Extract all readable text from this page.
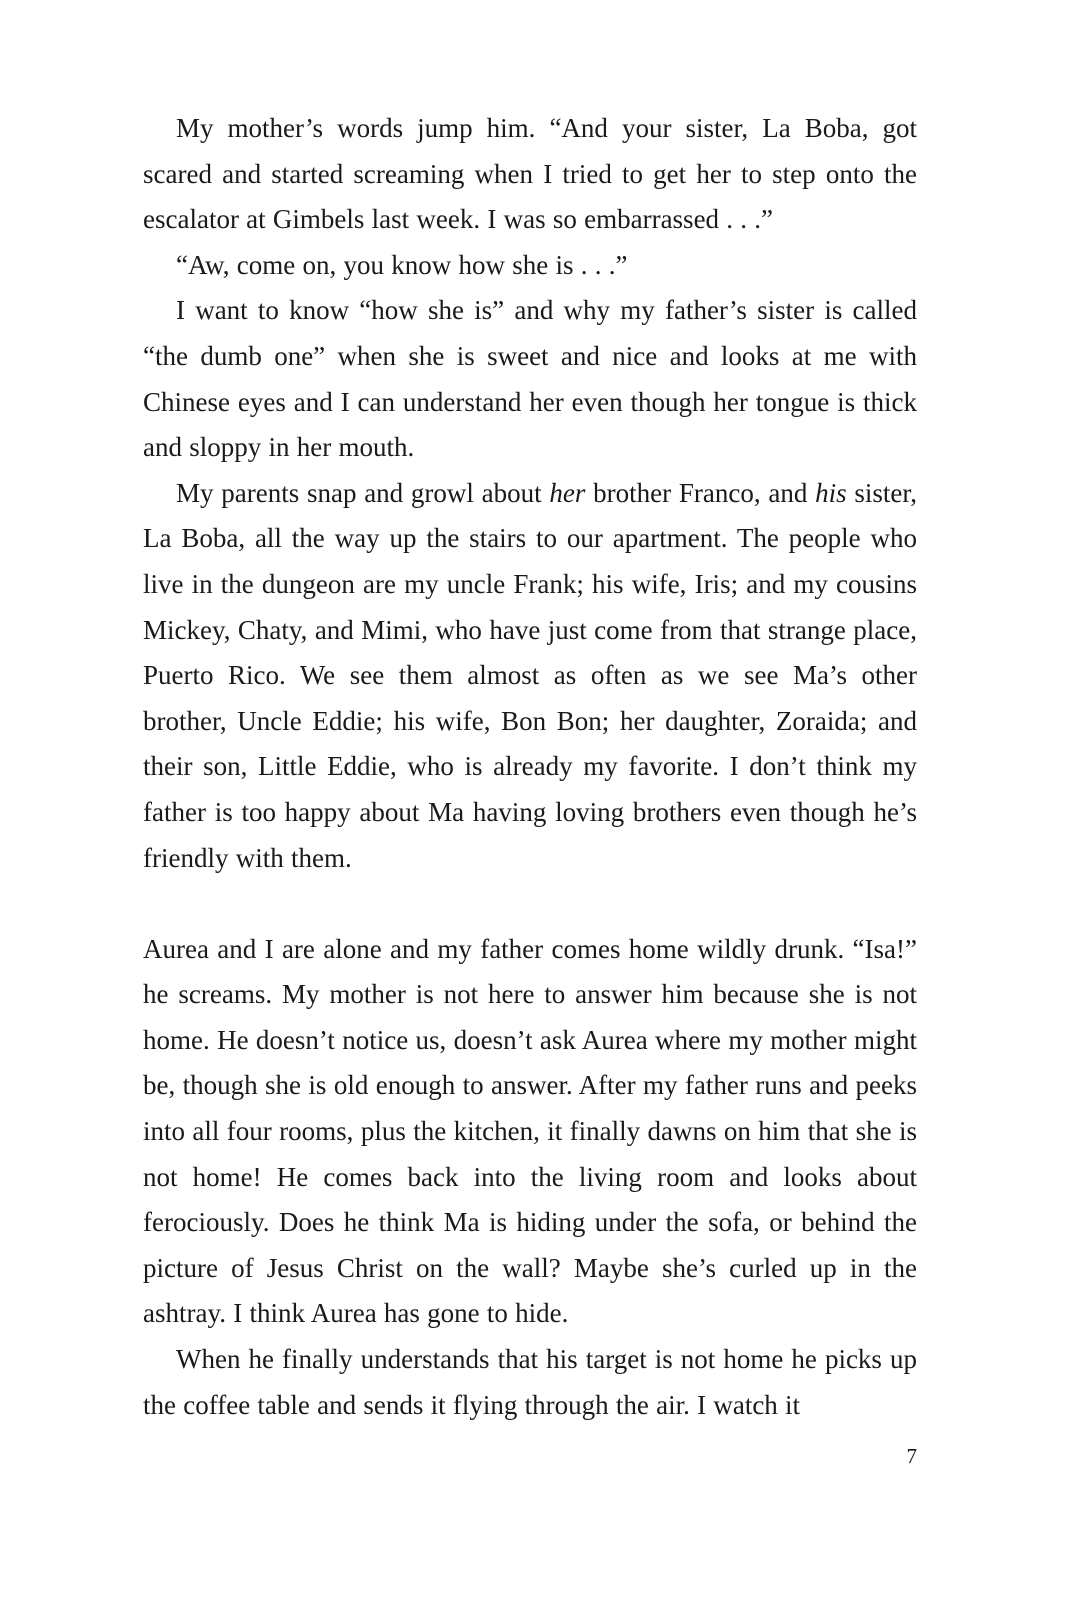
My mother’s words jump him. “And your sister, La Boba, got scared and started screaming when I tried to get her to step onto the escalator at Gimbels last week. I was so embarrassed . . .”

“Aw, come on, you know how she is . . .”

I want to know “how she is” and why my father’s sister is called “the dumb one” when she is sweet and nice and looks at me with Chinese eyes and I can understand her even though her tongue is thick and sloppy in her mouth.

My parents snap and growl about her brother Franco, and his sister, La Boba, all the way up the stairs to our apartment. The people who live in the dungeon are my uncle Frank; his wife, Iris; and my cousins Mickey, Chaty, and Mimi, who have just come from that strange place, Puerto Rico. We see them almost as often as we see Ma’s other brother, Uncle Eddie; his wife, Bon Bon; her daughter, Zoraida; and their son, Little Eddie, who is already my favorite. I don’t think my father is too happy about Ma having loving brothers even though he’s friendly with them.

Aurea and I are alone and my father comes home wildly drunk. “Isa!” he screams. My mother is not here to answer him because she is not home. He doesn’t notice us, doesn’t ask Aurea where my mother might be, though she is old enough to answer. After my father runs and peeks into all four rooms, plus the kitchen, it finally dawns on him that she is not home! He comes back into the living room and looks about ferociously. Does he think Ma is hiding under the sofa, or behind the picture of Jesus Christ on the wall? Maybe she’s curled up in the ashtray. I think Aurea has gone to hide.

When he finally understands that his target is not home he picks up the coffee table and sends it flying through the air. I watch it

7
